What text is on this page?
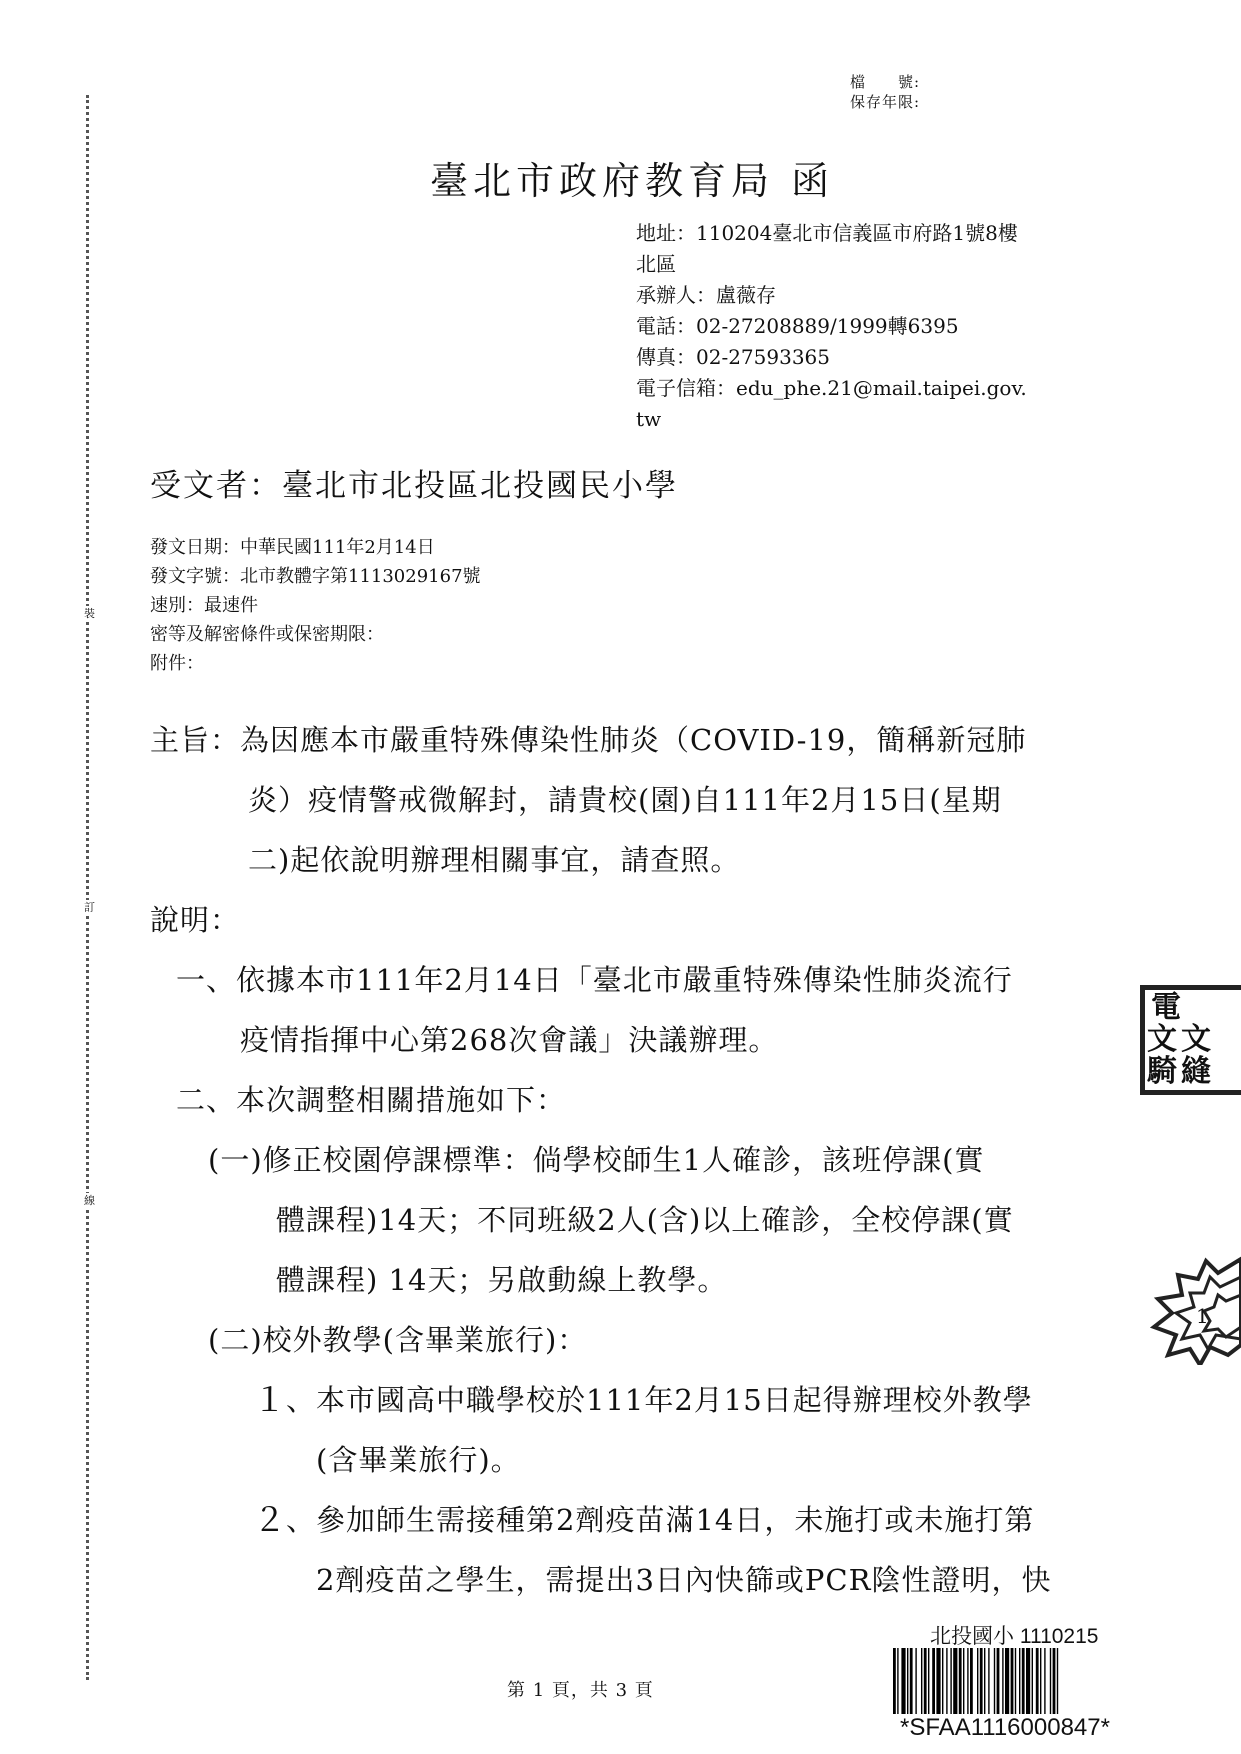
裝
訂
線
檔　　號:
保存年限:
臺北市政府教育局 函
地址：110204臺北市信義區市府路1號8樓
北區
承辦人：盧薇存
電話：02-27208889/1999轉6395
傳真：02-27593365
電子信箱：edu_phe.21@mail.taipei.gov.
tw
受文者：臺北市北投區北投國民小學
發文日期：中華民國111年2月14日
發文字號：北市教體字第1113029167號
速別：最速件
密等及解密條件或保密期限：
附件：
主旨：為因應本市嚴重特殊傳染性肺炎（COVID-19，簡稱新冠肺
炎）疫情警戒微解封，請貴校(園)自111年2月15日(星期
二)起依說明辦理相關事宜，請查照。
說明：
一、依據本市111年2月14日「臺北市嚴重特殊傳染性肺炎流行
疫情指揮中心第268次會議」決議辦理。
二、本次調整相關措施如下：
(一)修正校園停課標準：倘學校師生1人確診，該班停課(實
體課程)14天；不同班級2人(含)以上確診，全校停課(實
體課程) 14天；另啟動線上教學。
(二)校外教學(含畢業旅行)：
１ 、本市國高中職學校於111年2月15日起得辦理校外教學
(含畢業旅行)。
２ 、參加師生需接種第2劑疫苗滿14日，未施打或未施打第
2劑疫苗之學生，需提出3日內快篩或PCR陰性證明，快
電
文 文
騎 縫
1
北投國小 1110215
*SFAA1116000847*
第 1 頁，共 3 頁
